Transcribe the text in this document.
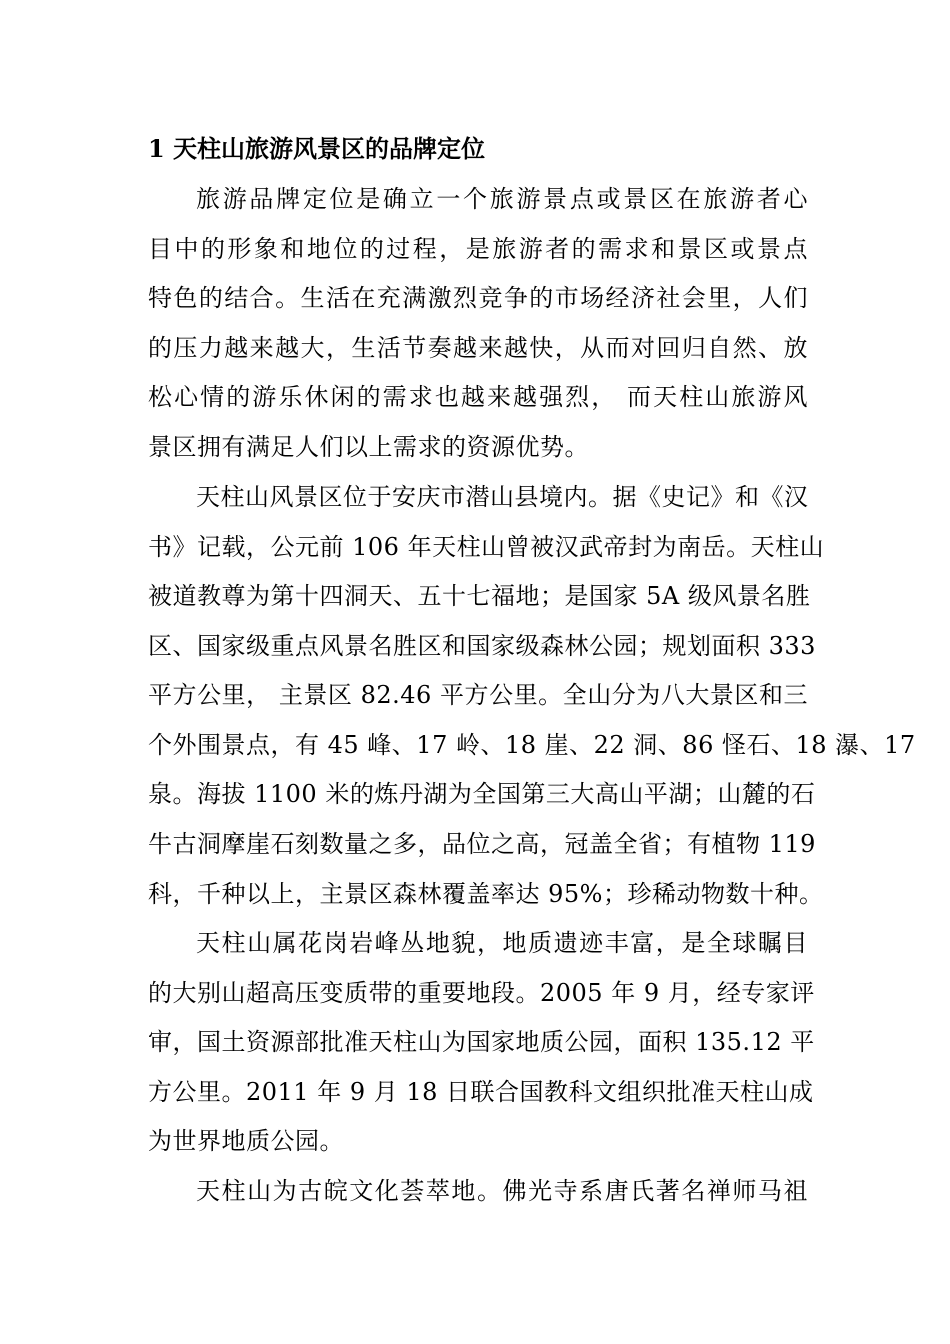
1 天柱山旅游风景区的品牌定位
旅游品牌定位是确立一个旅游景点或景区在旅游者心
目中的形象和地位的过程，是旅游者的需求和景区或景点
特色的结合。生活在充满激烈竞争的市场经济社会里，人们
的压力越来越大，生活节奏越来越快，从而对回归自然、放
松心情的游乐休闲的需求也越来越强烈， 而天柱山旅游风
景区拥有满足人们以上需求的资源优势。
天柱山风景区位于安庆市潜山县境内。据《史记》和《汉
书》记载，公元前 106 年天柱山曾被汉武帝封为南岳。天柱山
被道教尊为第十四洞天、五十七福地；是国家 5A 级风景名胜
区、国家级重点风景名胜区和国家级森林公园；规划面积 333
平方公里， 主景区 82.46 平方公里。全山分为八大景区和三
个外围景点，有 45 峰、17 岭、18 崖、22 洞、86 怪石、18 瀑、17
泉。海拔 1100 米的炼丹湖为全国第三大高山平湖；山麓的石
牛古洞摩崖石刻数量之多，品位之高，冠盖全省；有植物 119
科，千种以上，主景区森林覆盖率达 95%；珍稀动物数十种。
天柱山属花岗岩峰丛地貌，地质遗迹丰富，是全球瞩目
的大别山超高压变质带的重要地段。2005 年 9 月，经专家评
审，国土资源部批准天柱山为国家地质公园，面积 135.12 平
方公里。2011 年 9 月 18 日联合国教科文组织批准天柱山成
为世界地质公园。
天柱山为古皖文化荟萃地。佛光寺系唐氏著名禅师马祖
